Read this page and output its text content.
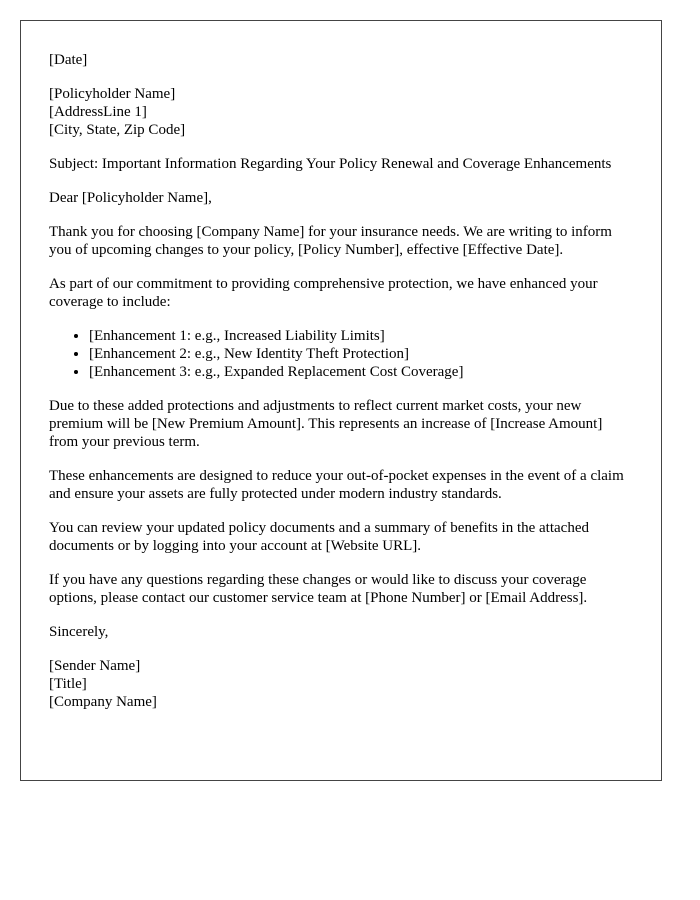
[Date]
[Policyholder Name]
[AddressLine 1]
[City, State, Zip Code]

Subject: Important Information Regarding Your Policy Renewal and Coverage Enhancements

Dear [Policyholder Name],

Thank you for choosing [Company Name] for your insurance needs. We are writing to inform you of upcoming changes to your policy, [Policy Number], effective [Effective Date].

As part of our commitment to providing comprehensive protection, we have enhanced your coverage to include:

• [Enhancement 1: e.g., Increased Liability Limits]
• [Enhancement 2: e.g., New Identity Theft Protection]
• [Enhancement 3: e.g., Expanded Replacement Cost Coverage]

Due to these added protections and adjustments to reflect current market costs, your new premium will be [New Premium Amount]. This represents an increase of [Increase Amount] from your previous term.

These enhancements are designed to reduce your out-of-pocket expenses in the event of a claim and ensure your assets are fully protected under modern industry standards.

You can review your updated policy documents and a summary of benefits in the attached documents or by logging into your account at [Website URL].

If you have any questions regarding these changes or would like to discuss your coverage options, please contact our customer service team at [Phone Number] or [Email Address].

Sincerely,

[Sender Name]
[Title]
[Company Name]
